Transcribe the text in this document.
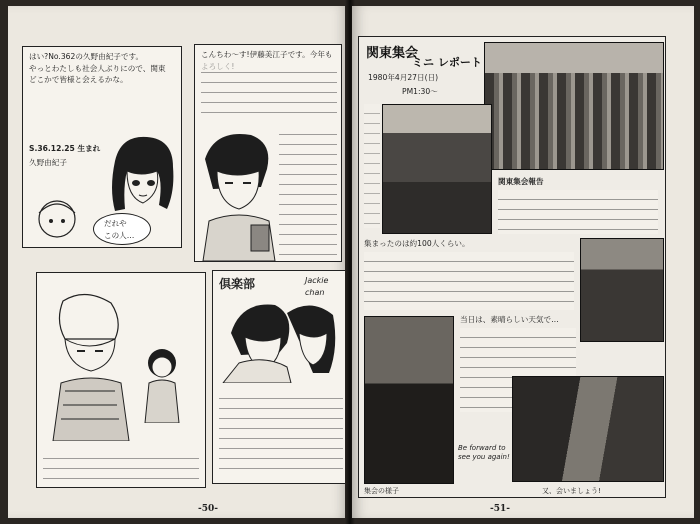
はい?No.362の久野由紀子です。
やっとわたしも社会人ぶりにので、関東
どこかで皆様と会えるかな。
S.36.12.25 生まれ
久野由紀子
だれや
この人…
こんちわ〜す!伊藤美江子です。今年も
倶楽部	Jackie
chan
-50-
関東集会
ミニ レポート
1980年4月27日(日)
PM1:30〜
関東集会報告
集まったのは約100人くらい。
当日は、素晴らしい天気で…
Be forward to see you again!
集会の様子	又、会いましょう!
-51-
